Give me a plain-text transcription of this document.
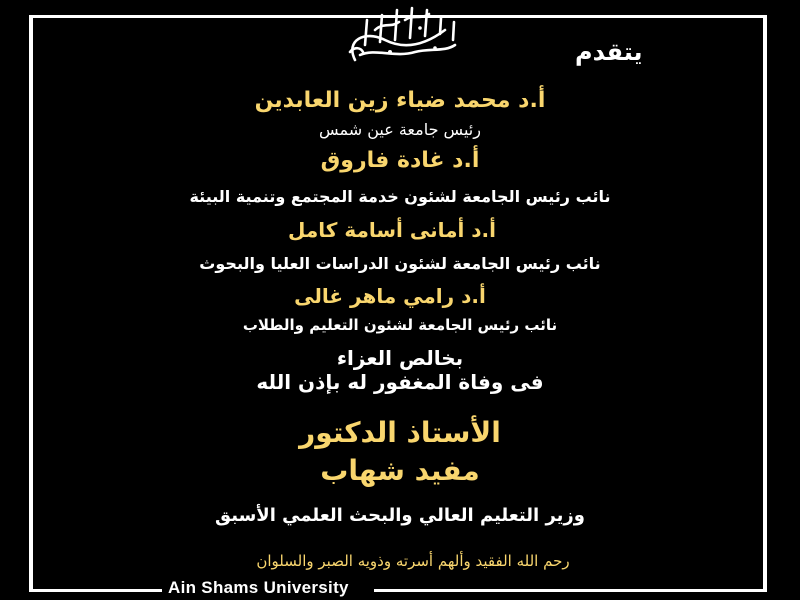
يتقدم
أ.د محمد ضياء زين العابدين
رئيس جامعة عين شمس
أ.د غادة فاروق
نائب رئيس الجامعة لشئون خدمة المجتمع وتنمية البيئة
أ.د أمانى أسامة كامل
نائب رئيس الجامعة لشئون الدراسات العليا والبحوث
أ.د رامي ماهر غالى
نائب رئيس الجامعة لشئون التعليم والطلاب
بخالص العزاء
فى وفاة المغفور له بإذن الله
الأستاذ الدكتور
مفيد شهاب
وزير التعليم العالي والبحث العلمي الأسبق
رحم الله الفقيد وألهم أسرته وذويه الصبر والسلوان
Ain Shams University
